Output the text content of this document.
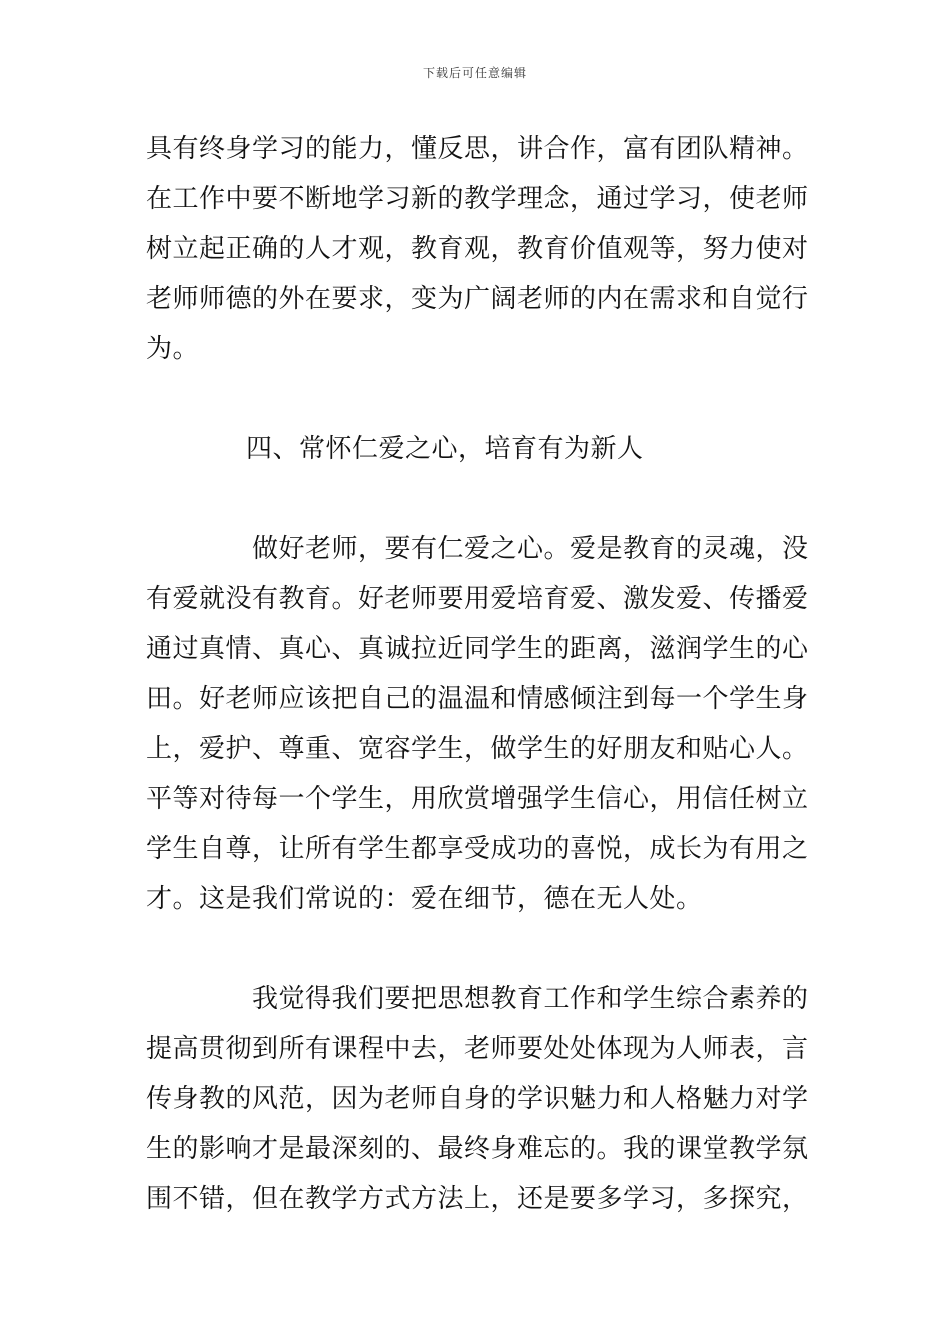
下载后可任意编辑
具有终身学习的能力，懂反思，讲合作，富有团队精神。
在工作中要不断地学习新的教学理念，通过学习，使老师
树立起正确的人才观，教育观，教育价值观等，努力使对
老师师德的外在要求，变为广阔老师的内在需求和自觉行
为。
四、常怀仁爱之心，培育有为新人
做好老师，要有仁爱之心。爱是教育的灵魂，没
有爱就没有教育。好老师要用爱培育爱、激发爱、传播爱
通过真情、真心、真诚拉近同学生的距离，滋润学生的心
田。好老师应该把自己的温温和情感倾注到每一个学生身
上，爱护、尊重、宽容学生，做学生的好朋友和贴心人。
平等对待每一个学生，用欣赏增强学生信心，用信任树立
学生自尊，让所有学生都享受成功的喜悦，成长为有用之
才。这是我们常说的：爱在细节，德在无人处。
我觉得我们要把思想教育工作和学生综合素养的
提高贯彻到所有课程中去，老师要处处体现为人师表，言
传身教的风范，因为老师自身的学识魅力和人格魅力对学
生的影响才是最深刻的、最终身难忘的。我的课堂教学氛
围不错，但在教学方式方法上，还是要多学习，多探究，
